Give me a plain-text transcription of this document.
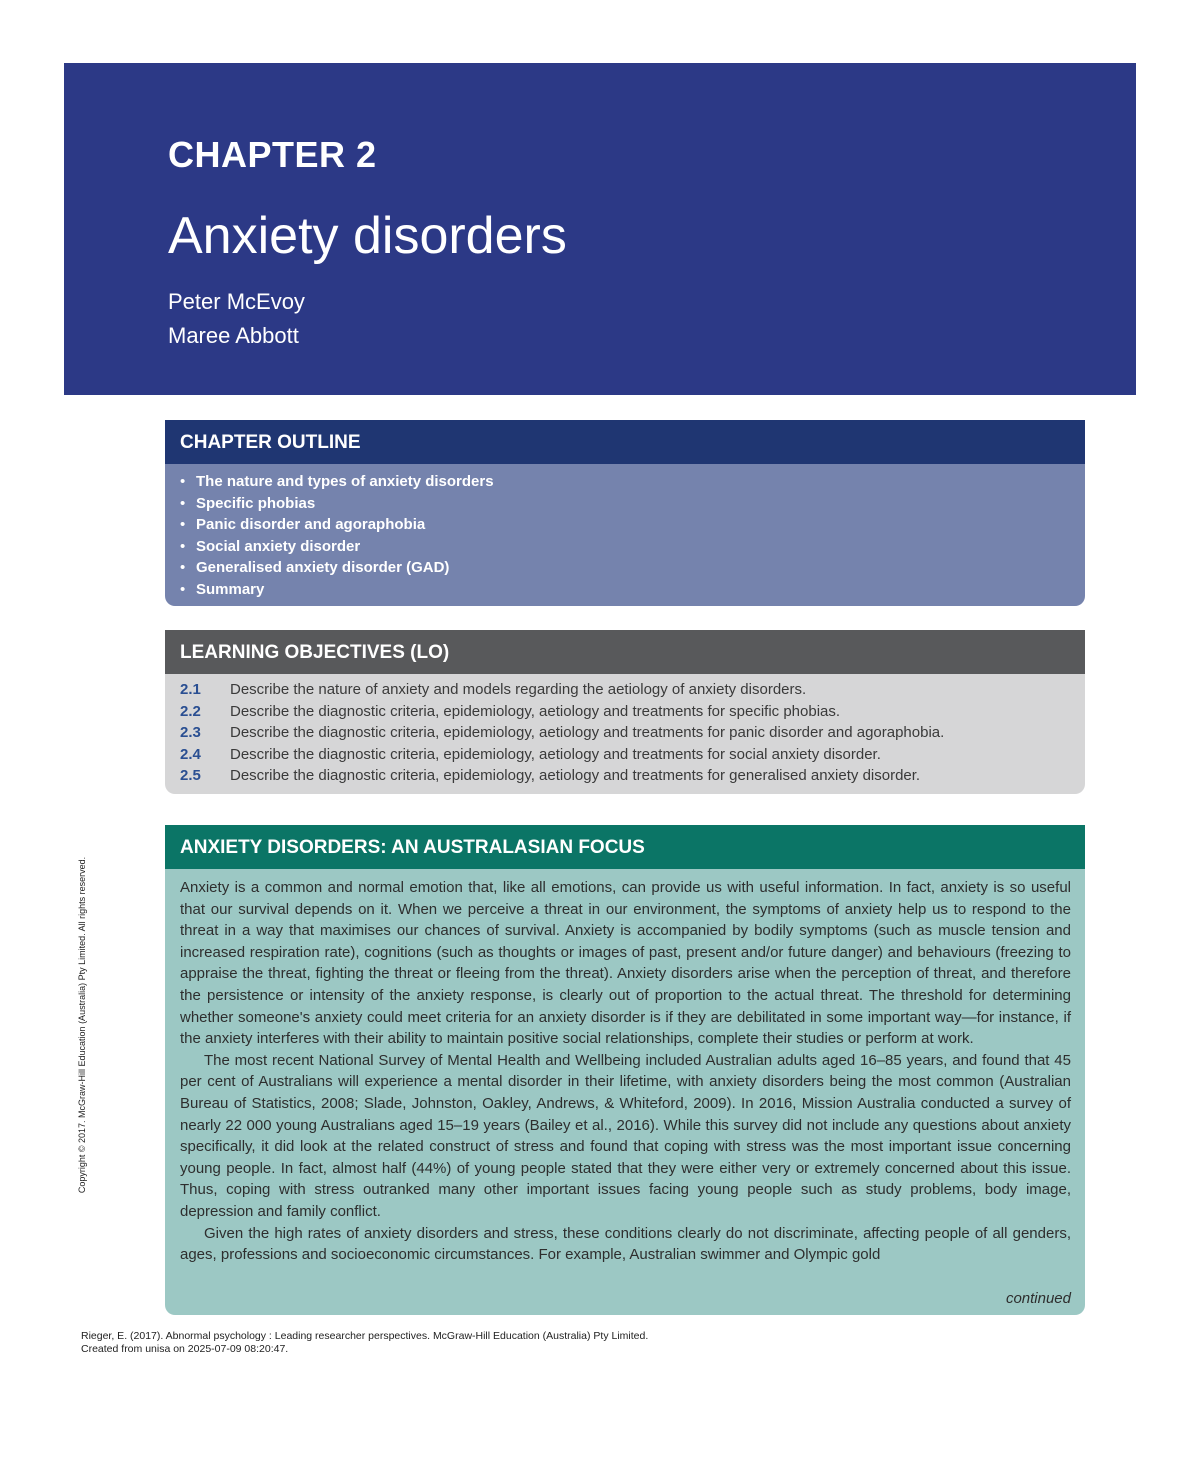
CHAPTER 2
Anxiety disorders

Peter McEvoy

Maree Abbott

CHAPTER OUTLINE
• The nature and types of anxiety disorders
• Specific phobias
• Panic disorder and agoraphobia
• Social anxiety disorder
• Generalised anxiety disorder (GAD)
• Summary
LEARNING OBJECTIVES (LO)
2.1	Describe the nature of anxiety and models regarding the aetiology of anxiety disorders.
2.2	Describe the diagnostic criteria, epidemiology, aetiology and treatments for specific phobias.
2.3	Describe the diagnostic criteria, epidemiology, aetiology and treatments for panic disorder and agoraphobia.
2.4	Describe the diagnostic criteria, epidemiology, aetiology and treatments for social anxiety disorder.
2.5	Describe the diagnostic criteria, epidemiology, aetiology and treatments for generalised anxiety disorder.
ANXIETY DISORDERS: AN AUSTRALASIAN FOCUS

Anxiety is a common and normal emotion that, like all emotions, can provide us with useful information. In fact, anxiety is so useful that our survival depends on it. When we perceive a threat in our environment, the symptoms of anxiety help us to respond to the threat in a way that maximises our chances of survival. Anxiety is accompanied by bodily symptoms (such as muscle tension and increased respiration rate), cognitions (such as thoughts or images of past, present and/or future danger) and behaviours (freezing to appraise the threat, fighting the threat or fleeing from the threat). Anxiety disorders arise when the perception of threat, and therefore the persistence or intensity of the anxiety response, is clearly out of proportion to the actual threat. The threshold for determining whether someone's anxiety could meet criteria for an anxiety disorder is if they are debilitated in some important way—for instance, if the anxiety interferes with their ability to maintain positive social relationships, complete their studies or perform at work.

The most recent National Survey of Mental Health and Wellbeing included Australian adults aged 16–85 years, and found that 45 per cent of Australians will experience a mental disorder in their lifetime, with anxiety disorders being the most common (Australian Bureau of Statistics, 2008; Slade, Johnston, Oakley, Andrews, & Whiteford, 2009). In 2016, Mission Australia conducted a survey of nearly 22 000 young Australians aged 15–19 years (Bailey et al., 2016). While this survey did not include any questions about anxiety specifically, it did look at the related construct of stress and found that coping with stress was the most important issue concerning young people. In fact, almost half (44%) of young people stated that they were either very or extremely concerned about this issue. Thus, coping with stress outranked many other important issues facing young people such as study problems, body image, depression and family conflict.

Given the high rates of anxiety disorders and stress, these conditions clearly do not discriminate, affecting people of all genders, ages, professions and socioeconomic circumstances. For example, Australian swimmer and Olympic gold

continued
Copyright © 2017. McGraw-Hill Education (Australia) Pty Limited. All rights reserved.
Rieger, E. (2017). Abnormal psychology : Leading researcher perspectives. McGraw-Hill Education (Australia) Pty Limited.
Created from unisa on 2025-07-09 08:20:47.
